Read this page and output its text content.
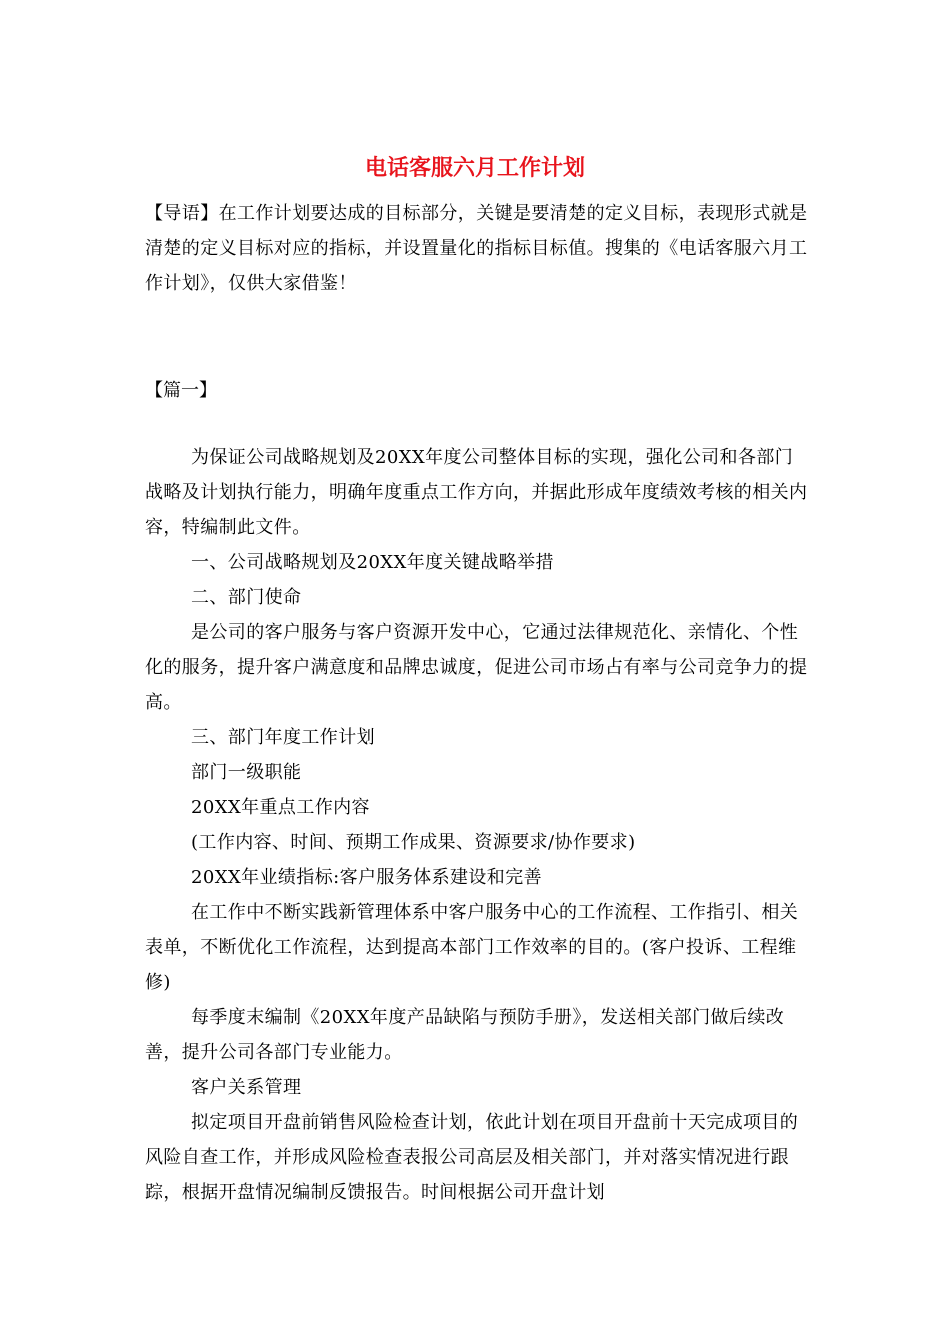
电话客服六月工作计划
【导语】在工作计划要达成的目标部分，关键是要清楚的定义目标，表现形式就是清楚的定义目标对应的指标，并设置量化的指标目标值。搜集的《电话客服六月工作计划》，仅供大家借鉴！
【篇一】

为保证公司战略规划及20XX年度公司整体目标的实现，强化公司和各部门战略及计划执行能力，明确年度重点工作方向，并据此形成年度绩效考核的相关内容，特编制此文件。

一、公司战略规划及20XX年度关键战略举措

二、部门使命

是公司的客户服务与客户资源开发中心，它通过法律规范化、亲情化、个性化的服务，提升客户满意度和品牌忠诚度，促进公司市场占有率与公司竞争力的提高。

三、部门年度工作计划

部门一级职能

20XX年重点工作内容

(工作内容、时间、预期工作成果、资源要求/协作要求)

20XX年业绩指标:客户服务体系建设和完善

在工作中不断实践新管理体系中客户服务中心的工作流程、工作指引、相关表单，不断优化工作流程，达到提高本部门工作效率的目的。(客户投诉、工程维修)

每季度末编制《20XX年度产品缺陷与预防手册》，发送相关部门做后续改善，提升公司各部门专业能力。

客户关系管理

拟定项目开盘前销售风险检查计划，依此计划在项目开盘前十天完成项目的风险自查工作，并形成风险检查表报公司高层及相关部门，并对落实情况进行跟踪，根据开盘情况编制反馈报告。时间根据公司开盘计划
